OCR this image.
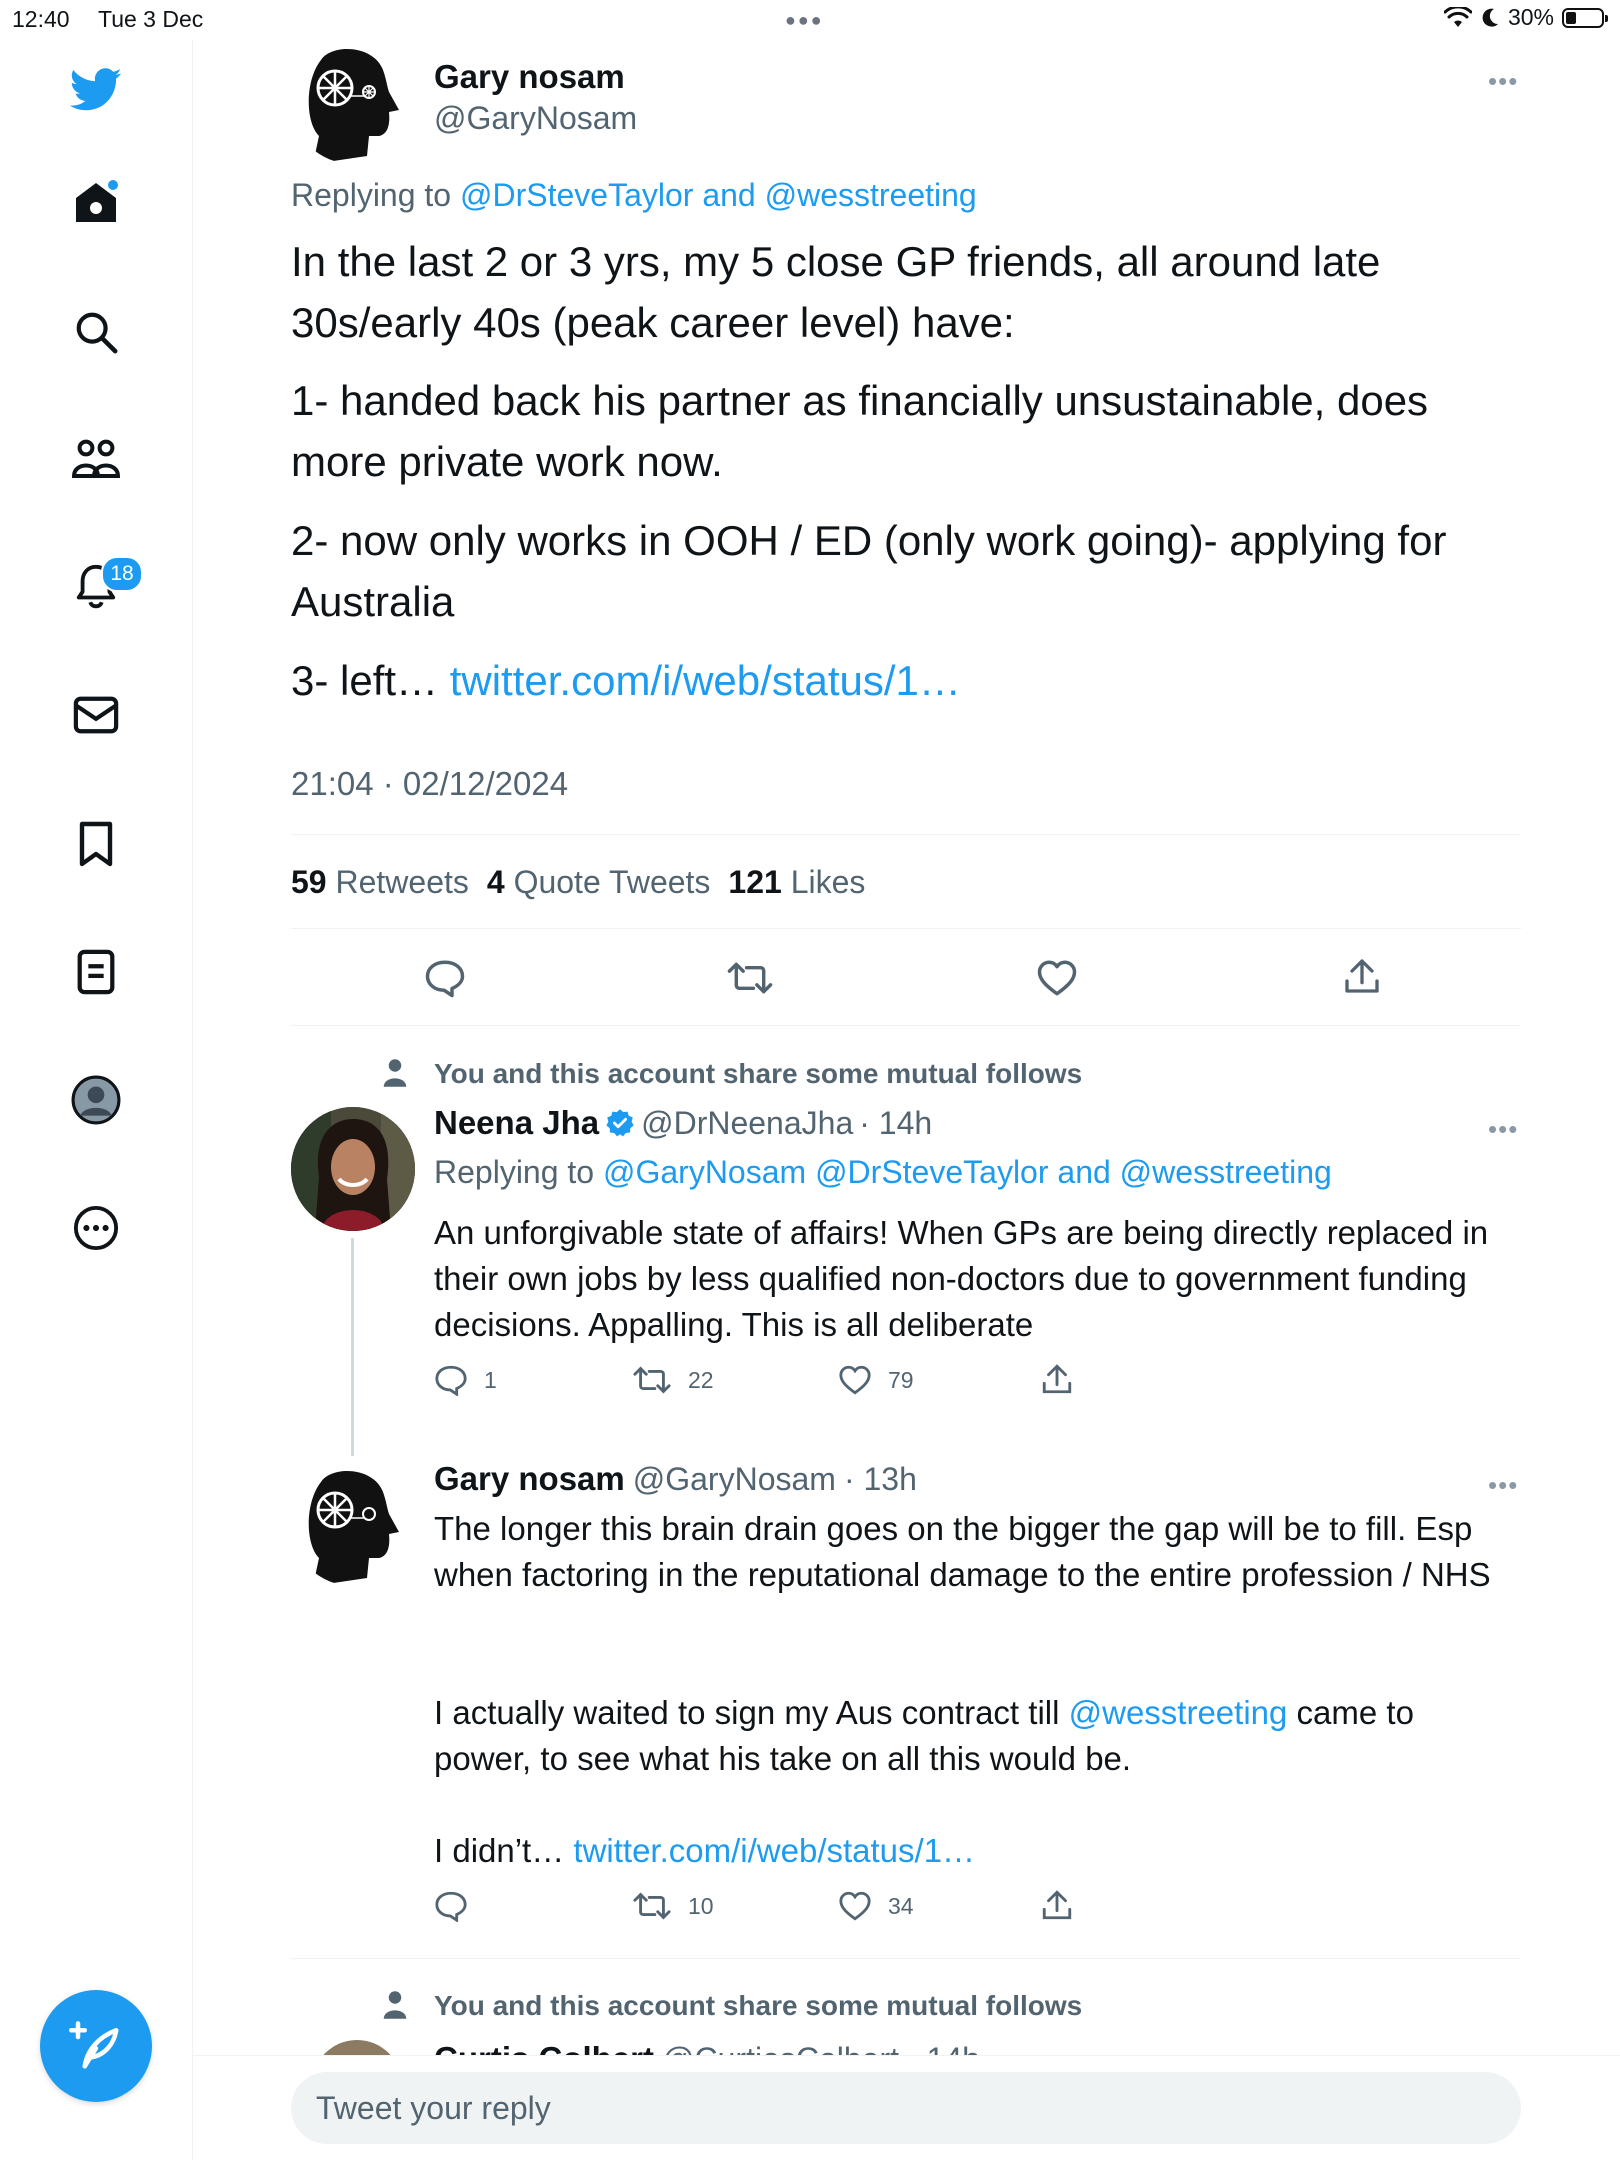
12:40 Tue 3 Dec	●●●	30%
18
Gary nosam
@GaryNosam
•••
Replying to @DrSteveTaylor and @wesstreeting
In the last 2 or 3 yrs, my 5 close GP friends, all around late 30s/early 40s (peak career level) have:
1- handed back his partner as financially unsustainable, does more private work now.
2- now only works in OOH / ED (only work going)- applying for Australia
3- left… twitter.com/i/web/status/1…
21:04 · 02/12/2024
59 Retweets 4 Quote Tweets 121 Likes
You and this account share some mutual follows
Neena Jha @DrNeenaJha · 14h	•••
Replying to @GaryNosam @DrSteveTaylor and @wesstreeting
An unforgivable state of affairs! When GPs are being directly replaced in their own jobs by less qualified non-doctors due to government funding decisions. Appalling. This is all deliberate
1	22	79
Gary nosam @GaryNosam · 13h	•••
The longer this brain drain goes on the bigger the gap will be to fill. Esp when factoring in the reputational damage to the entire profession / NHS
I actually waited to sign my Aus contract till @wesstreeting came to power, to see what his take on all this would be.
I didn’t… twitter.com/i/web/status/1…
10	34
You and this account share some mutual follows
Tweet your reply
